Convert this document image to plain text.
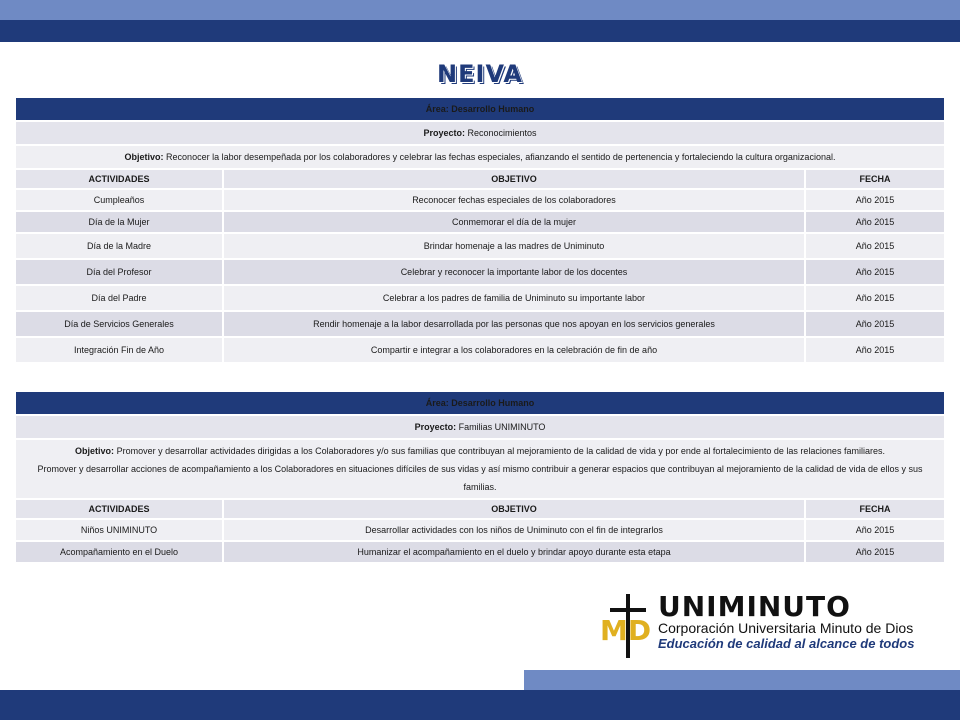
NEIVA
Área: Desarrollo Humano		
Proyecto: Reconocimientos		
Objetivo: Reconocer la labor desempeñada por los colaboradores y celebrar las fechas especiales, afianzando el sentido de pertenencia y fortaleciendo la cultura organizacional.		
ACTIVIDADES	OBJETIVO	FECHA
Cumpleaños	Reconocer fechas especiales de los colaboradores	Año 2015
Día de la Mujer	Conmemorar el día de la mujer	Año 2015
Día de la Madre	Brindar homenaje a las madres de Uniminuto	Año 2015
Día del Profesor	Celebrar y reconocer la importante labor de los docentes	Año 2015
Día del Padre	Celebrar a los padres de familia de Uniminuto su importante labor	Año 2015
Día de Servicios Generales	Rendir homenaje a la labor desarrollada por las personas que nos apoyan en los servicios generales	Año 2015
Integración Fin de Año	Compartir e integrar a los colaboradores en la celebración de fin de año	Año 2015
Área: Desarrollo Humano		
Proyecto: Familias UNIMINUTO		
Objetivo: Promover y desarrollar actividades dirigidas a los Colaboradores y/o sus familias que contribuyan al mejoramiento de la calidad de vida y por ende al fortalecimiento de las relaciones familiares.
Promover y desarrollar acciones de acompañamiento a los Colaboradores en situaciones difíciles de sus vidas y así mismo contribuir a generar espacios que contribuyan al mejoramiento de la calidad de vida de ellos y sus familias.		
ACTIVIDADES	OBJETIVO	FECHA
Niños UNIMINUTO	Desarrollar actividades con los niños de Uniminuto con el fin de integrarlos	Año 2015
Acompañamiento en el Duelo	Humanizar el acompañamiento en el duelo y brindar apoyo durante esta etapa	Año 2015
MD
UNIMINUTO
Corporación Universitaria Minuto de Dios
Educación de calidad al alcance de todos
